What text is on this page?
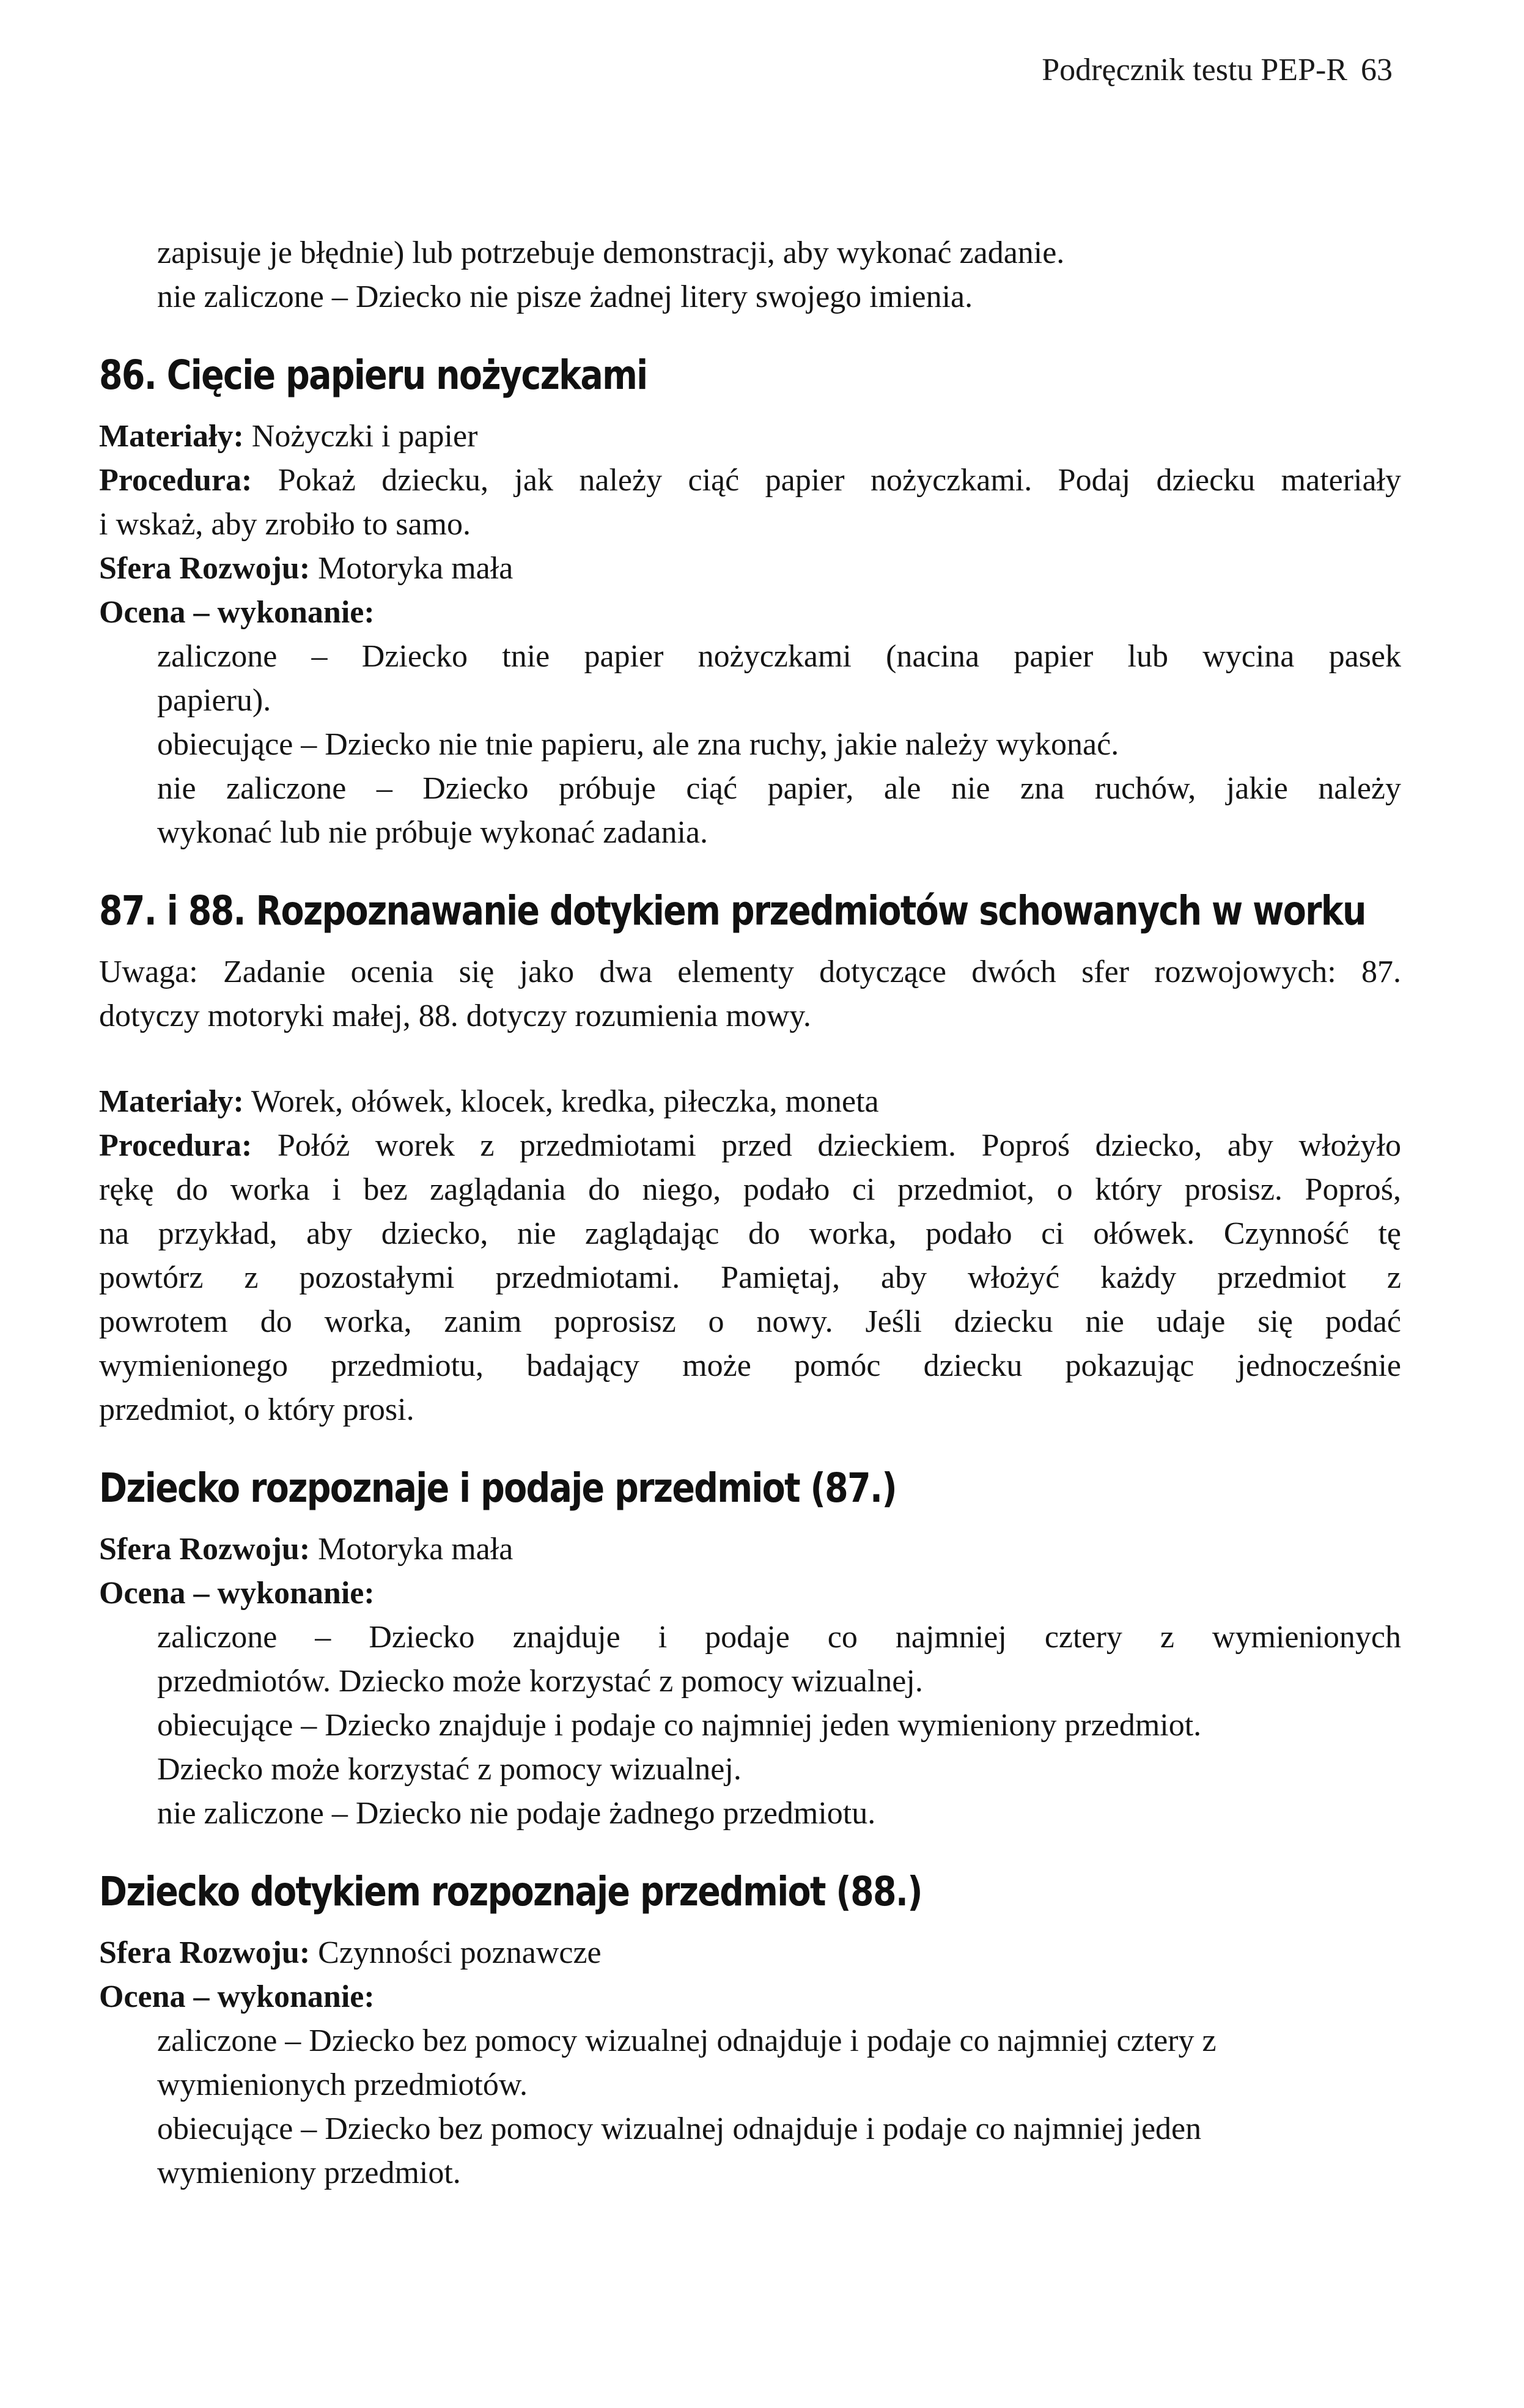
Podręcznik testu PEP-R 63
zapisuje je błędnie) lub potrzebuje demonstracji, aby wykonać zadanie.
nie zaliczone – Dziecko nie pisze żadnej litery swojego imienia.
86. Cięcie papieru nożyczkami
Materiały: Nożyczki i papier
Procedura: Pokaż dziecku, jak należy ciąć papier nożyczkami. Podaj dziecku materiały
i wskaż, aby zrobiło to samo.
Sfera Rozwoju: Motoryka mała
Ocena – wykonanie:
zaliczone – Dziecko tnie papier nożyczkami (nacina papier lub wycina pasek
papieru).
obiecujące – Dziecko nie tnie papieru, ale zna ruchy, jakie należy wykonać.
nie zaliczone – Dziecko próbuje ciąć papier, ale nie zna ruchów, jakie należy
wykonać lub nie próbuje wykonać zadania.
87. i 88. Rozpoznawanie dotykiem przedmiotów schowanych w worku
Uwaga: Zadanie ocenia się jako dwa elementy dotyczące dwóch sfer rozwojowych: 87.
dotyczy motoryki małej, 88. dotyczy rozumienia mowy.
Materiały: Worek, ołówek, klocek, kredka, piłeczka, moneta
Procedura: Połóż worek z przedmiotami przed dzieckiem. Poproś dziecko, aby włożyło
rękę do worka i bez zaglądania do niego, podało ci przedmiot, o który prosisz. Poproś,
na przykład, aby dziecko, nie zaglądając do worka, podało ci ołówek. Czynność tę
powtórz z pozostałymi przedmiotami. Pamiętaj, aby włożyć każdy przedmiot z
powrotem do worka, zanim poprosisz o nowy. Jeśli dziecku nie udaje się podać
wymienionego przedmiotu, badający może pomóc dziecku pokazując jednocześnie
przedmiot, o który prosi.
Dziecko rozpoznaje i podaje przedmiot (87.)
Sfera Rozwoju: Motoryka mała
Ocena – wykonanie:
zaliczone – Dziecko znajduje i podaje co najmniej cztery z wymienionych
przedmiotów. Dziecko może korzystać z pomocy wizualnej.
obiecujące – Dziecko znajduje i podaje co najmniej jeden wymieniony przedmiot.
Dziecko może korzystać z pomocy wizualnej.
nie zaliczone – Dziecko nie podaje żadnego przedmiotu.
Dziecko dotykiem rozpoznaje przedmiot (88.)
Sfera Rozwoju: Czynności poznawcze
Ocena – wykonanie:
zaliczone – Dziecko bez pomocy wizualnej odnajduje i podaje co najmniej cztery z
wymienionych przedmiotów.
obiecujące – Dziecko bez pomocy wizualnej odnajduje i podaje co najmniej jeden
wymieniony przedmiot.
